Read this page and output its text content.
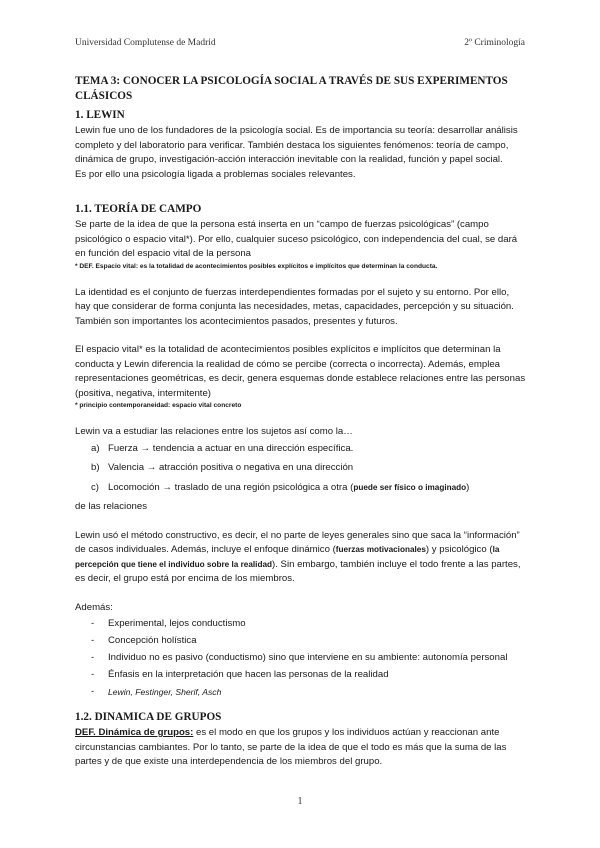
Universidad Complutense de Madrid	2º Criminología
TEMA 3: CONOCER LA PSICOLOGÍA SOCIAL A TRAVÉS DE SUS EXPERIMENTOS CLÁSICOS
1. LEWIN

Lewin fue uno de los fundadores de la psicología social. Es de importancia su teoría: desarrollar análisis completo y del laboratorio para verificar. También destaca los siguientes fenómenos: teoría de campo, dinámica de grupo, investigación-acción interacción inevitable con la realidad, función y papel social.

Es por ello una psicología ligada a problemas sociales relevantes.

1.1. TEORÍA DE CAMPO

Se parte de la idea de que la persona está inserta en un “campo de fuerzas psicológicas” (campo psicológico o espacio vital*). Por ello, cualquier suceso psicológico, con independencia del cual, se dará en función del espacio vital de la persona

* DEF. Espacio vital: es la totalidad de acontecimientos posibles explícitos e implícitos que determinan la conducta.

La identidad es el conjunto de fuerzas interdependientes formadas por el sujeto y su entorno. Por ello, hay que considerar de forma conjunta las necesidades, metas, capacidades, percepción y su situación. También son importantes los acontecimientos pasados, presentes y futuros.

El espacio vital* es la totalidad de acontecimientos posibles explícitos e implícitos que determinan la conducta y Lewin diferencia la realidad de cómo se percibe (correcta o incorrecta). Además, emplea representaciones geométricas, es decir, genera esquemas donde establece relaciones entre las personas (positiva, negativa, intermitente)

* principio contemporaneidad: espacio vital concreto

Lewin va a estudiar las relaciones entre los sujetos así como la…

a) Fuerza → tendencia a actuar en una dirección específica.
b) Valencia → atracción positiva o negativa en una dirección
c) Locomoción → traslado de una región psicológica a otra (puede ser físico o imaginado)

de las relaciones

Lewin usó el método constructivo, es decir, el no parte de leyes generales sino que saca la “información” de casos individuales. Además, incluye el enfoque dinámico (fuerzas motivacionales) y psicológico (la percepción que tiene el individuo sobre la realidad). Sin embargo, también incluye el todo frente a las partes, es decir, el grupo está por encima de los miembros.

Además:

-	Experimental, lejos conductismo
-	Concepción holística
-	Individuo no es pasivo (conductismo) sino que interviene en su ambiente: autonomía personal
-	Énfasis en la interpretación que hacen las personas de la realidad
-	Lewin, Festinger, Sherif, Asch
1.2. DINAMICA DE GRUPOS

DEF. Dinámica de grupos: es el modo en que los grupos y los individuos actúan y reaccionan ante circunstancias cambiantes. Por lo tanto, se parte de la idea de que el todo es más que la suma de las partes y de que existe una interdependencia de los miembros del grupo.

1
